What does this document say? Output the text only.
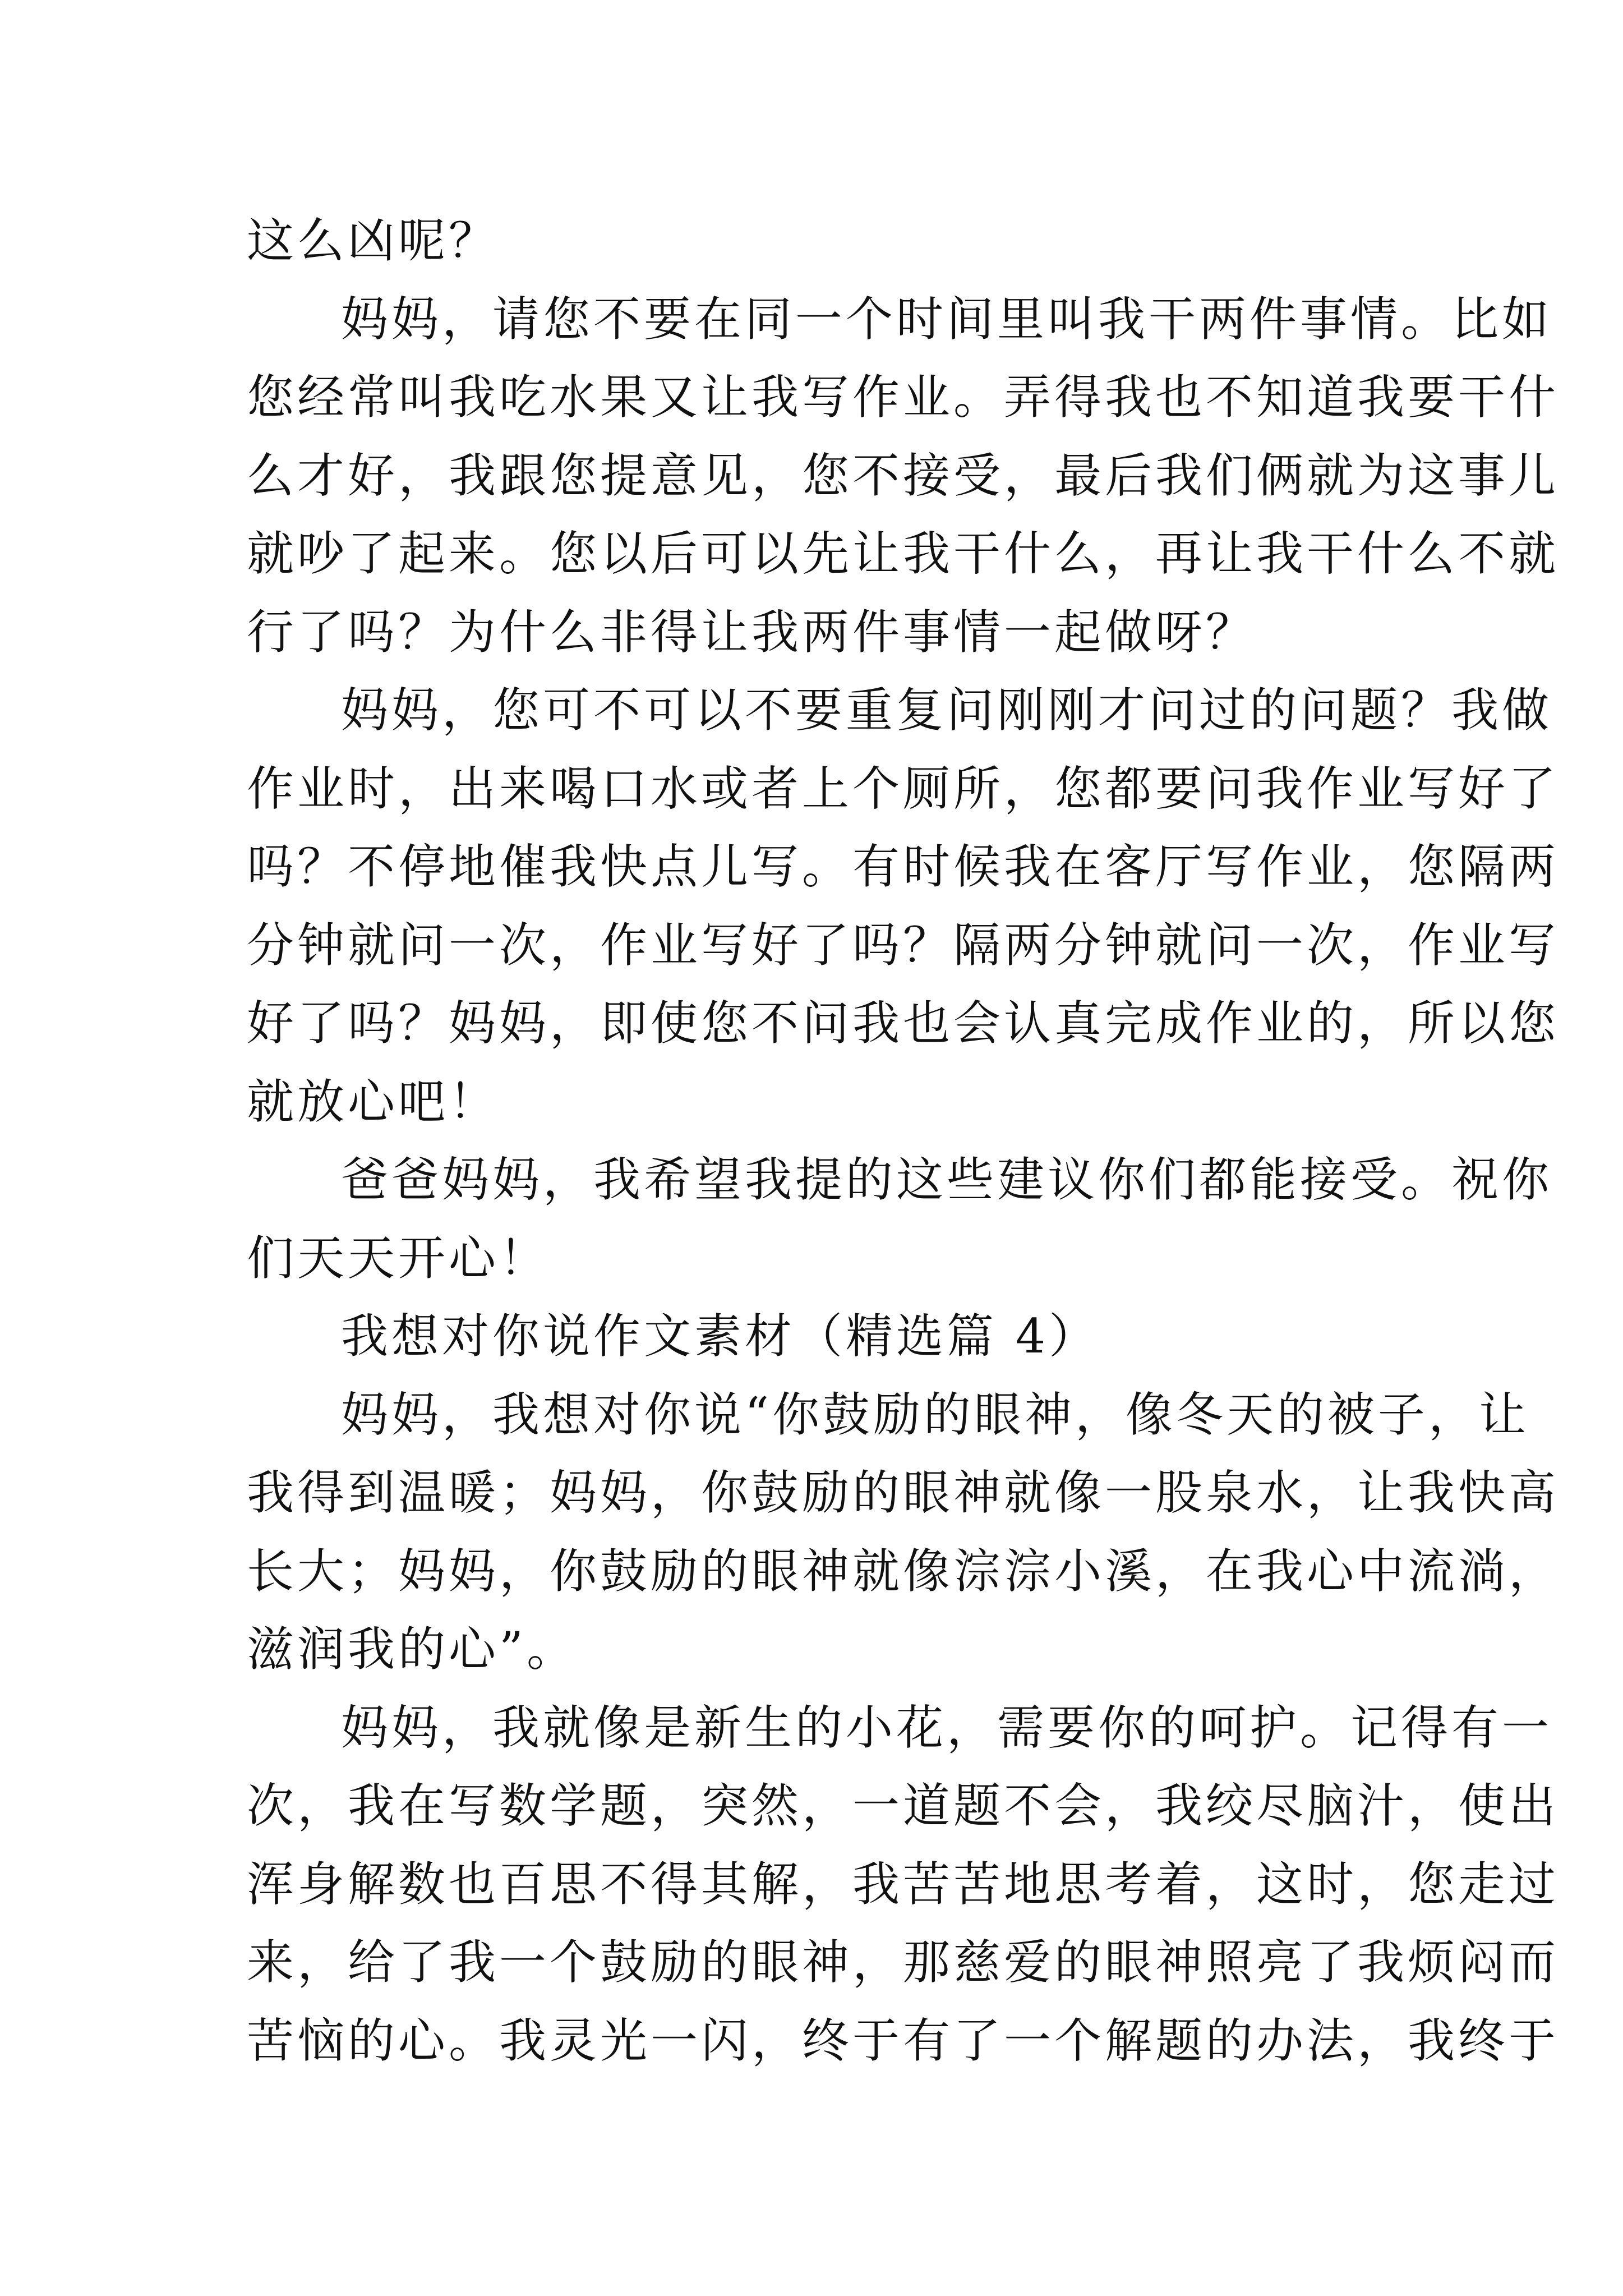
这么凶呢？
妈妈，请您不要在同一个时间里叫我干两件事情。比如
您经常叫我吃水果又让我写作业。弄得我也不知道我要干什
么才好，我跟您提意见，您不接受，最后我们俩就为这事儿
就吵了起来。您以后可以先让我干什么，再让我干什么不就
行了吗？为什么非得让我两件事情一起做呀？
妈妈，您可不可以不要重复问刚刚才问过的问题？我做
作业时，出来喝口水或者上个厕所，您都要问我作业写好了
吗？不停地催我快点儿写。有时候我在客厅写作业，您隔两
分钟就问一次，作业写好了吗？隔两分钟就问一次，作业写
好了吗？妈妈，即使您不问我也会认真完成作业的，所以您
就放心吧！
爸爸妈妈，我希望我提的这些建议你们都能接受。祝你
们天天开心！
我想对你说作文素材（精选篇 4）
妈妈，我想对你说“你鼓励的眼神，像冬天的被子，让
我得到温暖；妈妈，你鼓励的眼神就像一股泉水，让我快高
长大；妈妈，你鼓励的眼神就像淙淙小溪，在我心中流淌，
滋润我的心”。
妈妈，我就像是新生的小花，需要你的呵护。记得有一
次，我在写数学题，突然，一道题不会，我绞尽脑汁，使出
浑身解数也百思不得其解，我苦苦地思考着，这时，您走过
来，给了我一个鼓励的眼神，那慈爱的眼神照亮了我烦闷而
苦恼的心。我灵光一闪，终于有了一个解题的办法，我终于
